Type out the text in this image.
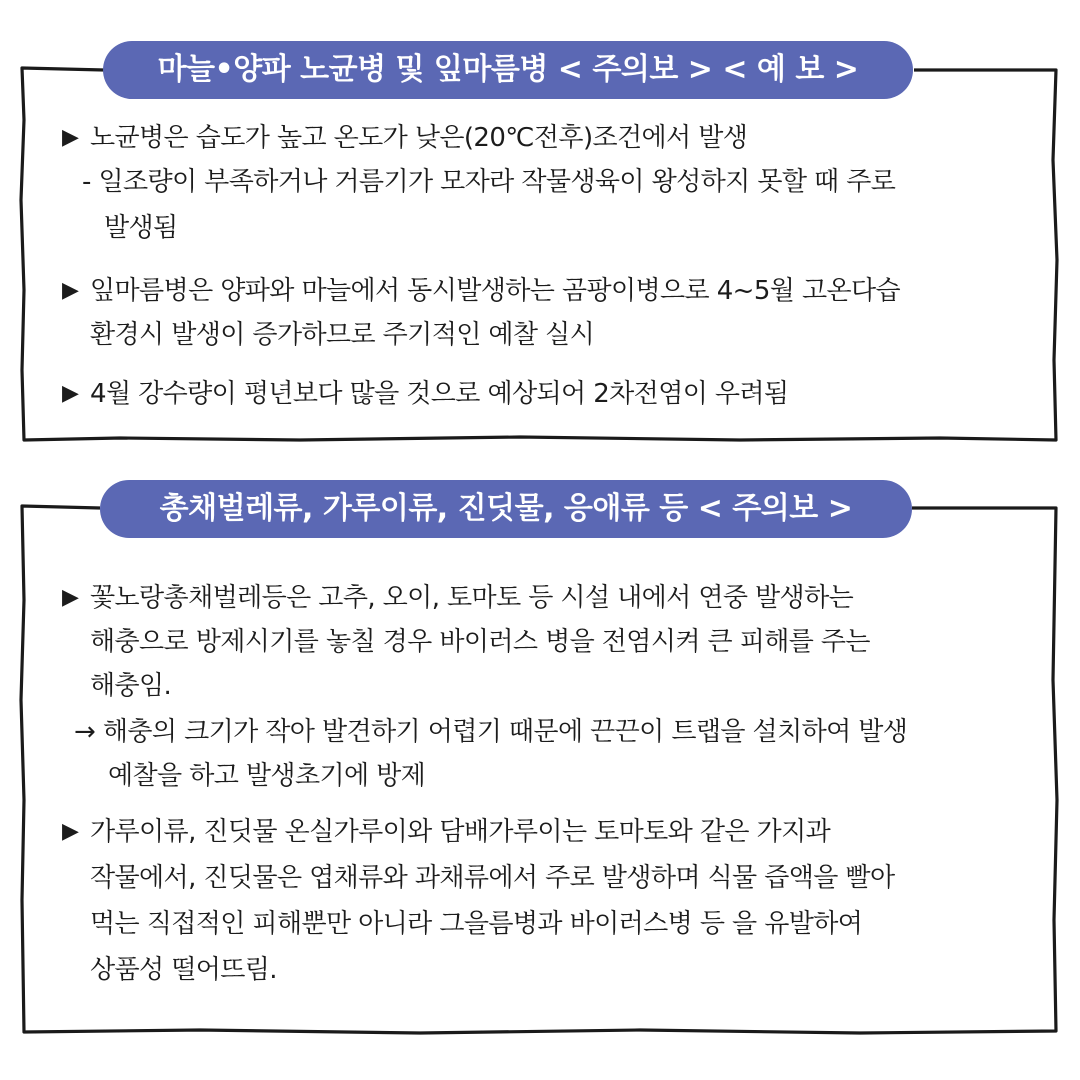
마늘•양파 노균병 및 잎마름병 < 주의보 > < 예 보 >
▶ 노균병은 습도가 높고 온도가 낮은(20℃전후)조건에서 발생
- 일조량이 부족하거나 거름기가 모자라 작물생육이 왕성하지 못할 때 주로
발생됨
▶ 잎마름병은 양파와 마늘에서 동시발생하는 곰팡이병으로 4~5월 고온다습
환경시 발생이 증가하므로 주기적인 예찰 실시
▶ 4월 강수량이 평년보다 많을 것으로 예상되어 2차전염이 우려됨
총채벌레류, 가루이류, 진딧물, 응애류 등 < 주의보 >
▶ 꽃노랑총채벌레등은 고추, 오이, 토마토 등 시설 내에서 연중 발생하는
해충으로 방제시기를 놓칠 경우 바이러스 병을 전염시켜 큰 피해를 주는
해충임.
→ 해충의 크기가 작아 발견하기 어렵기 때문에 끈끈이 트랩을 설치하여 발생
예찰을 하고 발생초기에 방제
▶ 가루이류, 진딧물 온실가루이와 담배가루이는 토마토와 같은 가지과
작물에서, 진딧물은 엽채류와 과채류에서 주로 발생하며 식물 즙액을 빨아
먹는 직접적인 피해뿐만 아니라 그을름병과 바이러스병 등 을 유발하여
상품성 떨어뜨림.
